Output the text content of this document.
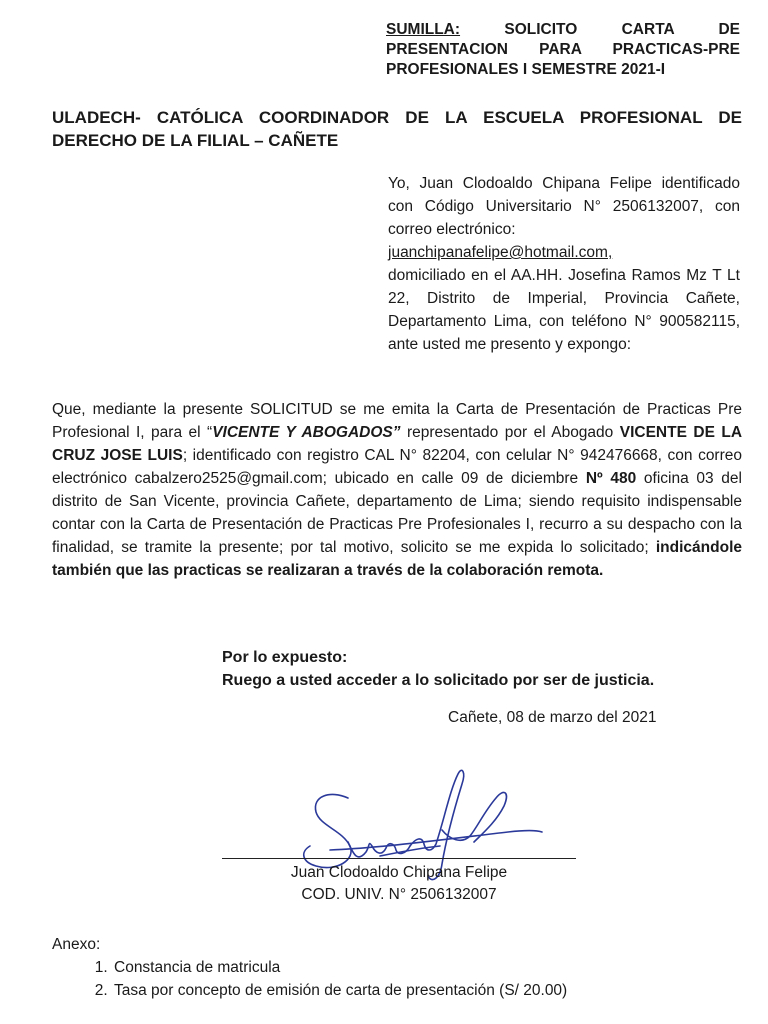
SUMILLA:	SOLICITO CARTA DE PRESENTACION PARA PRACTICAS-PRE PROFESIONALES I SEMESTRE 2021-I
ULADECH- CATÓLICA COORDINADOR DE LA ESCUELA PROFESIONAL DE DERECHO DE LA FILIAL – CAÑETE
Yo, Juan Clodoaldo Chipana Felipe identificado con Código Universitario N° 2506132007, con correo electrónico:
juanchipanafelipe@hotmail.com,
domiciliado en el AA.HH. Josefina Ramos Mz T Lt 22, Distrito de Imperial, Provincia Cañete, Departamento Lima, con teléfono N° 900582115, ante usted me presento y expongo:
Que, mediante la presente SOLICITUD se me emita la Carta de Presentación de Practicas Pre Profesional I, para el “VICENTE Y ABOGADOS” representado por el Abogado VICENTE DE LA CRUZ JOSE LUIS; identificado con registro CAL N° 82204, con celular N° 942476668, con correo electrónico cabalzero2525@gmail.com; ubicado en calle 09 de diciembre Nº 480 oficina 03 del distrito de San Vicente, provincia Cañete, departamento de Lima; siendo requisito indispensable contar con la Carta de Presentación de Practicas Pre Profesionales I, recurro a su despacho con la finalidad, se tramite la presente; por tal motivo, solicito se me expida lo solicitado; indicándole también que las practicas se realizaran a través de la colaboración remota.
Por lo expuesto:
Ruego a usted acceder a lo solicitado por ser de justicia.
Cañete, 08 de marzo del 2021
Juan Clodoaldo Chipana Felipe
COD. UNIV. N° 2506132007
Anexo:
1. Constancia de matricula
2. Tasa por concepto de emisión de carta de presentación (S/ 20.00)
